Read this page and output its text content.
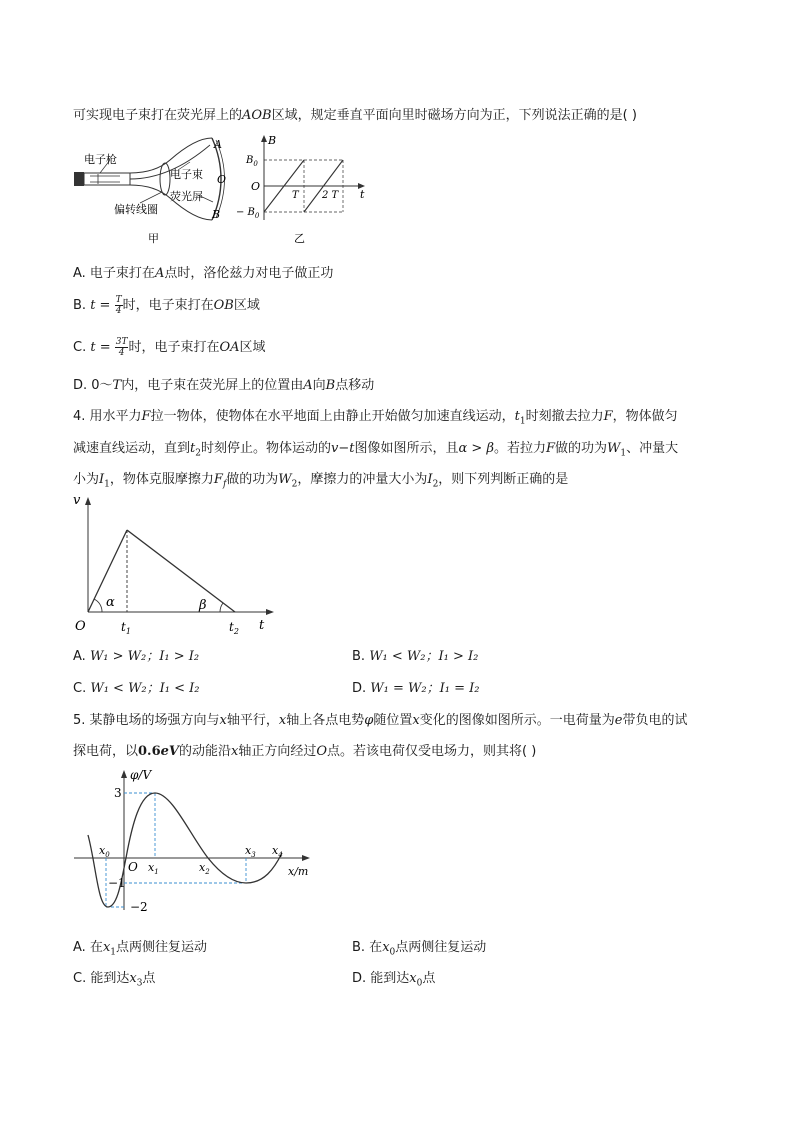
可实现电子束打在荧光屏上的AOB区域，规定垂直平面向里时磁场方向为正，下列说法正确的是( )
电子枪
电子束
荧光屏
偏转线圈
A
O
B
甲
B
t
O
$B_0$
− $B_0$
T 2 T
乙
A. 电子束打在A点时，洛伦兹力对电子做正功
B. $t = \frac{T}{4}$ 时，电子束打在OB区域
C. $t = \frac{3T}{4}$ 时，电子束打在OA区域
D. 0～T内，电子束在荧光屏上的位置由A向B点移动
4. 用水平力F拉一物体，使物体在水平地面上由静止开始做匀加速直线运动，$t_1$时刻撤去拉力F，物体做匀
减速直线运动，直到$t_2$时刻停止。物体运动的v−t图像如图所示，且α > β。若拉力F做的功为$W_1$、冲量大
小为$I_1$，物体克服摩擦力$F_f$做的功为$W_2$，摩擦力的冲量大小为$I_2$，则下列判断正确的是
v
t
O	$t_1$	$t_2$
α	β
A. W₁ > W₂；I₁ > I₂	B. W₁ < W₂；I₁ > I₂
C. W₁ < W₂；I₁ < I₂	D. W₁ = W₂；I₁ = I₂
5. 某静电场的场强方向与x轴平行，x轴上各点电势φ随位置x变化的图像如图所示。一电荷量为e带负电的试
探电荷，以0.6eV的动能沿x轴正方向经过O点。若该电荷仅受电场力，则其将( )
φ/V
x/m
O
3
−1
−2
$x_0$
$x_1$	$x_2$
$x_3$ $x_4$
A. 在$x_1$点两侧往复运动	B. 在$x_0$点两侧往复运动
C. 能到达$x_3$点	D. 能到达$x_0$点
